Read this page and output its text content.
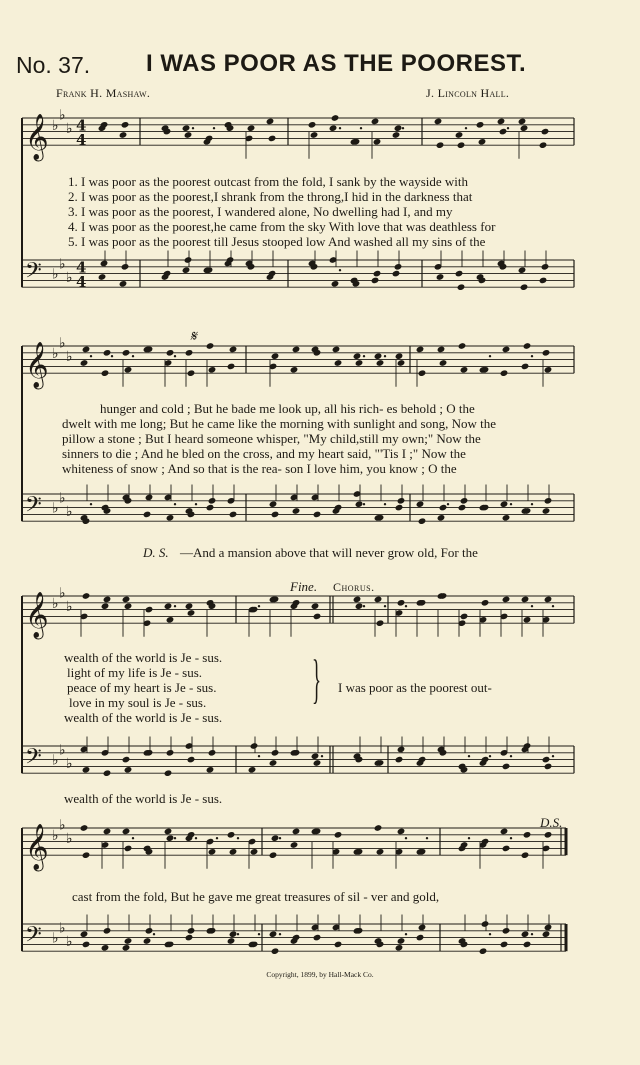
No. 37. I WAS POOR AS THE POOREST.
Frank H. Mashaw.	J. Lincoln Hall.
𝄞 ♭
♭
♭ 4
4
𝄢 ♭
♭
♭
4
4
𝄞 ♭
♭
♭
𝄢 ♭
♭
♭
𝄞 ♭
♭
♭
𝄢 ♭
♭
♭
𝄞 ♭
♭
♭
𝄢 ♭
♭
♭
1. I was poor as the poorest outcast from the fold, I sank by the wayside with
2. I was poor as the poorest,I shrank from the throng,I hid in the darkness that
3. I was poor as the poorest, I wandered alone, No dwelling had I, and my
4. I was poor as the poorest,he came from the sky With love that was deathless for
5. I was poor as the poorest till Jesus stooped low And washed all my sins of the
𝄋
hunger and cold ; But he bade me look up, all his rich- es behold ; O the
dwelt with me long; But he came like the morning with sunlight and song, Now the
pillow a stone ; But I heard someone whisper, "My child,still my own;" Now the
sinners to die ; And he bled on the cross, and my heart said, "'Tis I ;" Now the
whiteness of snow ; And so that is the rea- son I love him, you know ; O the
D. S. —And a mansion above that will never grow old, For the
Fine. Chorus.
wealth of the world is Je - sus.
light of my life is Je - sus.
peace of my heart is Je - sus.
love in my soul is Je - sus.
wealth of the world is Je - sus.
} I was poor as the poorest out-
wealth of the world is Je - sus.
D.S.
cast from the fold, But he gave me great treasures of sil - ver and gold,
Copyright, 1899, by Hall-Mack Co.
